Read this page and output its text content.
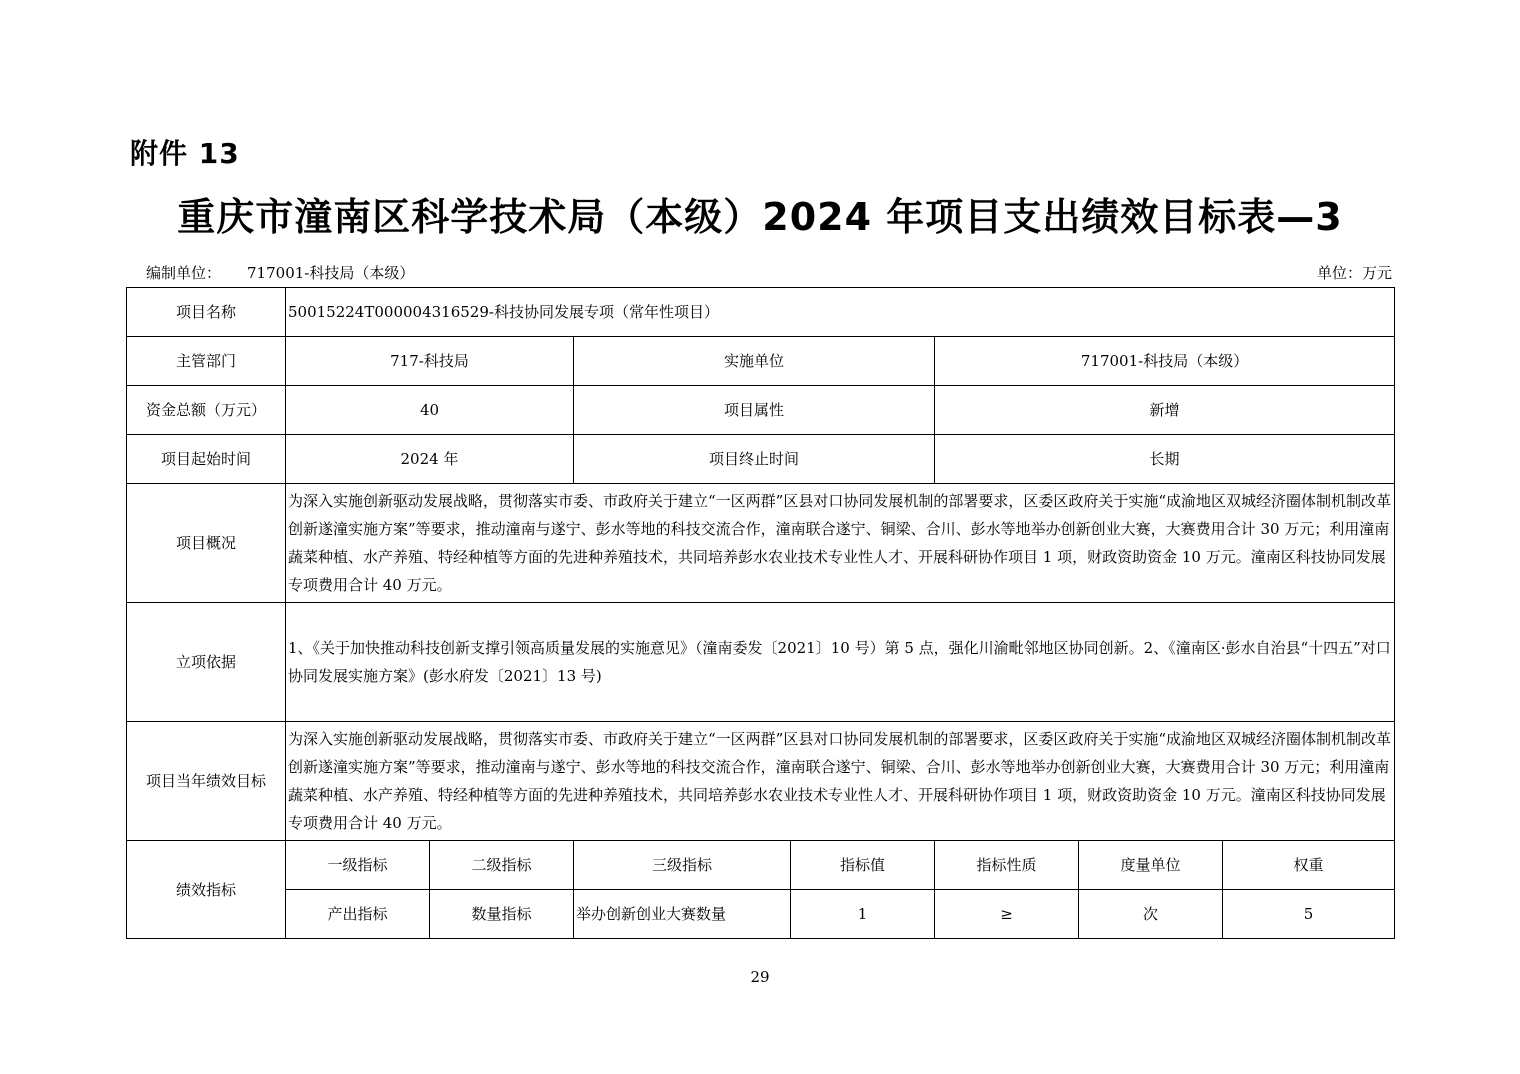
附件 13
重庆市潼南区科学技术局（本级）2024 年项目支出绩效目标表—3
编制单位： 717001-科技局（本级）	单位：万元
项目名称	50015224T000004316529-科技协同发展专项（常年性项目）						
主管部门	717-科技局		实施单位		717001-科技局（本级）		
资金总额（万元）	40		项目属性		新增		
项目起始时间	2024 年		项目终止时间		长期		
项目概况	为深入实施创新驱动发展战略，贯彻落实市委、市政府关于建立“一区两群”区县对口协同发展机制的部署要求，区委区政府关于实施“成渝地区双城经济圈体制机制改革创新遂潼实施方案”等要求，推动潼南与遂宁、彭水等地的科技交流合作，潼南联合遂宁、铜梁、合川、彭水等地举办创新创业大赛，大赛费用合计 30 万元；利用潼南蔬菜种植、水产养殖、特经种植等方面的先进种养殖技术，共同培养彭水农业技术专业性人才、开展科研协作项目 1 项，财政资助资金 10 万元。潼南区科技协同发展专项费用合计 40 万元。						
立项依据	1、《关于加快推动科技创新支撑引领高质量发展的实施意见》（潼南委发〔2021〕10 号）第 5 点，强化川渝毗邻地区协同创新。2、《潼南区·彭水自治县“十四五”对口协同发展实施方案》(彭水府发〔2021〕13 号)						
项目当年绩效目标	为深入实施创新驱动发展战略，贯彻落实市委、市政府关于建立“一区两群”区县对口协同发展机制的部署要求，区委区政府关于实施“成渝地区双城经济圈体制机制改革创新遂潼实施方案”等要求，推动潼南与遂宁、彭水等地的科技交流合作，潼南联合遂宁、铜梁、合川、彭水等地举办创新创业大赛，大赛费用合计 30 万元；利用潼南蔬菜种植、水产养殖、特经种植等方面的先进种养殖技术，共同培养彭水农业技术专业性人才、开展科研协作项目 1 项，财政资助资金 10 万元。潼南区科技协同发展专项费用合计 40 万元。						
绩效指标	一级指标	二级指标	三级指标	指标值	指标性质	度量单位	权重
	产出指标	数量指标	举办创新创业大赛数量	1	≥	次	5
29
